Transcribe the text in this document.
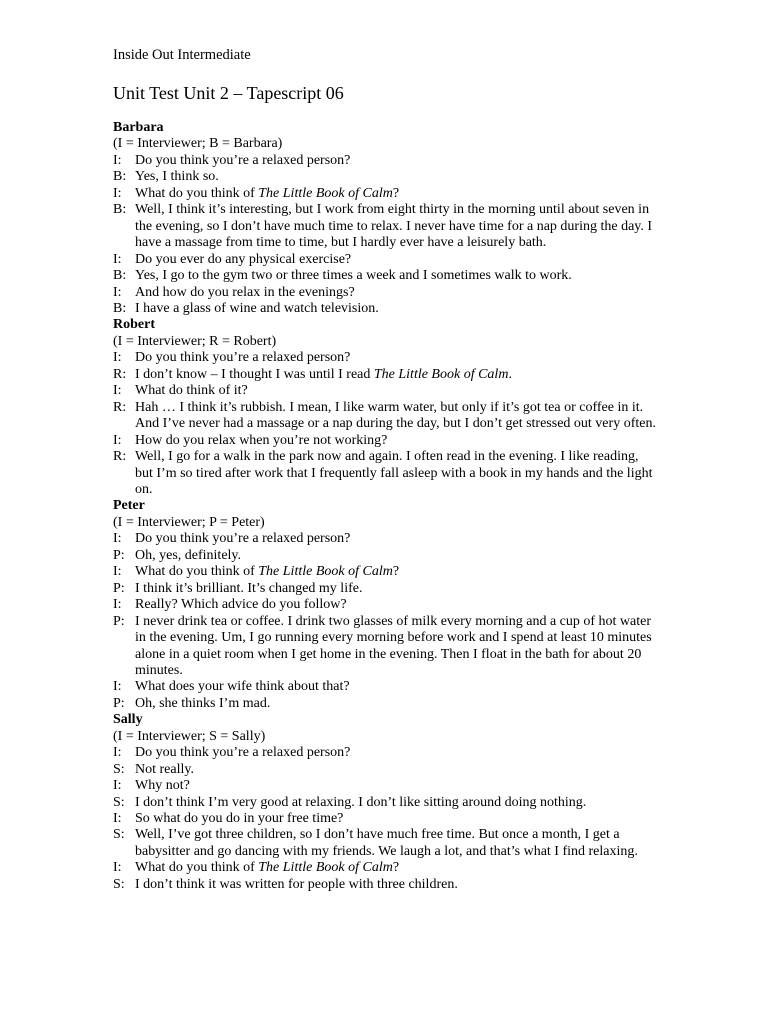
Inside Out Intermediate
Unit Test Unit 2 – Tapescript 06
Barbara
(I = Interviewer; B = Barbara)
I: Do you think you’re a relaxed person?
B: Yes, I think so.
I: What do you think of The Little Book of Calm?
B: Well, I think it’s interesting, but I work from eight thirty in the morning until about seven in the evening, so I don’t have much time to relax. I never have time for a nap during the day. I have a massage from time to time, but I hardly ever have a leisurely bath.
I: Do you ever do any physical exercise?
B: Yes, I go to the gym two or three times a week and I sometimes walk to work.
I: And how do you relax in the evenings?
B: I have a glass of wine and watch television.
Robert
(I = Interviewer; R = Robert)
I: Do you think you’re a relaxed person?
R: I don’t know – I thought I was until I read The Little Book of Calm.
I: What do think of it?
R: Hah … I think it’s rubbish. I mean, I like warm water, but only if it’s got tea or coffee in it. And I’ve never had a massage or a nap during the day, but I don’t get stressed out very often.
I: How do you relax when you’re not working?
R: Well, I go for a walk in the park now and again. I often read in the evening. I like reading, but I’m so tired after work that I frequently fall asleep with a book in my hands and the light on.
Peter
(I = Interviewer; P = Peter)
I: Do you think you’re a relaxed person?
P: Oh, yes, definitely.
I: What do you think of The Little Book of Calm?
P: I think it’s brilliant. It’s changed my life.
I: Really? Which advice do you follow?
P: I never drink tea or coffee. I drink two glasses of milk every morning and a cup of hot water in the evening. Um, I go running every morning before work and I spend at least 10 minutes alone in a quiet room when I get home in the evening. Then I float in the bath for about 20 minutes.
I: What does your wife think about that?
P: Oh, she thinks I’m mad.
Sally
(I = Interviewer; S = Sally)
I: Do you think you’re a relaxed person?
S: Not really.
I: Why not?
S: I don’t think I’m very good at relaxing. I don’t like sitting around doing nothing.
I: So what do you do in your free time?
S: Well, I’ve got three children, so I don’t have much free time. But once a month, I get a babysitter and go dancing with my friends. We laugh a lot, and that’s what I find relaxing.
I: What do you think of The Little Book of Calm?
S: I don’t think it was written for people with three children.
